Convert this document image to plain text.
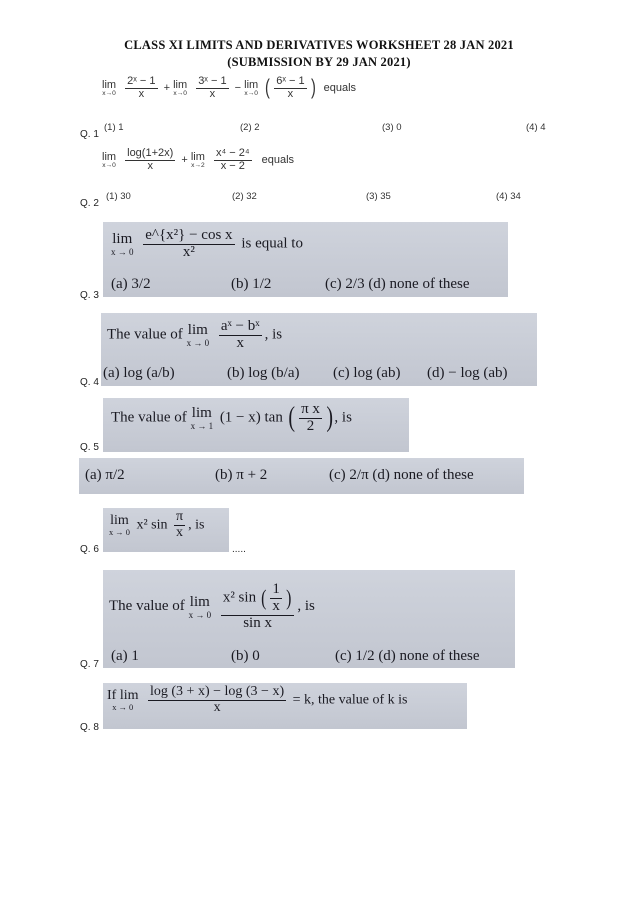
CLASS XI LIMITS AND DERIVATIVES WORKSHEET 28 JAN 2021
(SUBMISSION BY 29 JAN 2021)
Q. 1
lim
x→0
$\frac{\text{2ˣ − 1}}{x} + \lim$
x→0
$\frac{\text{3ˣ − 1}}{x} - \lim$
x→0 ( $\frac{\text{6ˣ − 1}}{x}$ ) equals
(1) 1	(2) 2	(3) 0	(4) 4
Q. 2
lim
x→0
$\frac{\log(1+2x)}{x} + \lim$
x→2
$\frac{\text{x⁴ − 2⁴}}{x - 2}$ equals
(1) 30	(2) 32	(3) 35	(4) 34
Q. 3
lim
x → 0
$\frac{\text{e\textasciicircum{}\{x²\} − cos x}}{\text{x²}}$ is equal to
(a) 3/2	(b) 1/2	(c) 2/3 (d) none of these
Q. 4
The value of lim
x → 0
$\frac{\text{aˣ − bˣ}}{x}$ , is
(a) log (a/b)	(b) log (b/a) (c) log (ab) (d) − log (ab)
Q. 5
The value of lim
x → 1
(1 − x) tan ( $\frac{\text{π x}}{2}$ ), is
(a) π/2	(b) π + 2	(c) 2/π (d) none of these
Q. 6
lim
x → 0
x² $\sin \frac{\pi}{x}$ , is
.....
Q. 7
The value of lim
x → 0
$\frac{x^2 \sin ( \frac{1}{x} )}{\text{sin x}}$ , is
(a) 1	(b) 0	(c) 1/2 (d) none of these
Q. 8
If lim
x → 0
$\frac{\log (3 + x) - \log (3 - x)}{x} = k$, the value of k is
